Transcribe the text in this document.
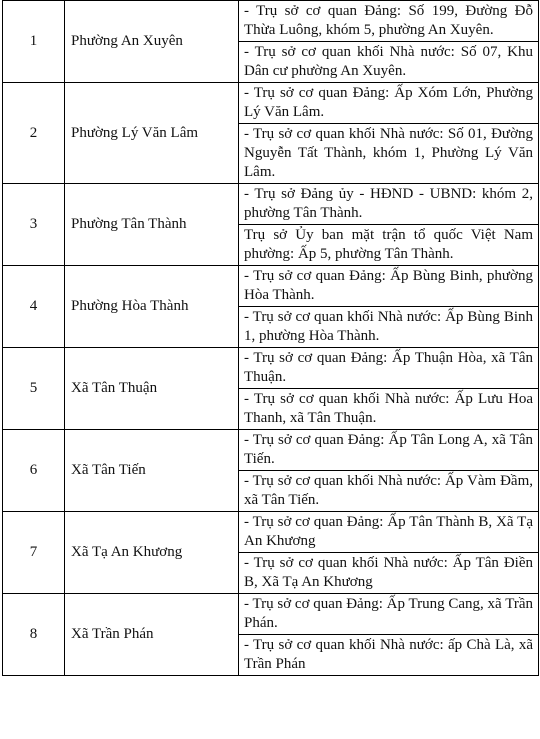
1	Phường An Xuyên	- Trụ sở cơ quan Đảng: Số 199, Đường Đỗ Thừa Luông, khóm 5, phường An Xuyên.
		- Trụ sở cơ quan khối Nhà nước: Số 07, Khu Dân cư phường An Xuyên.
2	Phường Lý Văn Lâm	- Trụ sở cơ quan Đảng: Ấp Xóm Lớn, Phường Lý Văn Lâm.
		- Trụ sở cơ quan khối Nhà nước: Số 01, Đường Nguyễn Tất Thành, khóm 1, Phường Lý Văn Lâm.
3	Phường Tân Thành	- Trụ sở Đảng ủy - HĐND - UBND: khóm 2, phường Tân Thành.
		Trụ sở Ủy ban mặt trận tổ quốc Việt Nam phường: Ấp 5, phường Tân Thành.
4	Phường Hòa Thành	- Trụ sở cơ quan Đảng: Ấp Bùng Binh, phường Hòa Thành.
		- Trụ sở cơ quan khối Nhà nước: Ấp Bùng Binh 1, phường Hòa Thành.
5	Xã Tân Thuận	- Trụ sở cơ quan Đảng: Ấp Thuận Hòa, xã Tân Thuận.
		- Trụ sở cơ quan khối Nhà nước: Ấp Lưu Hoa Thanh, xã Tân Thuận.
6	Xã Tân Tiến	- Trụ sở cơ quan Đảng: Ấp Tân Long A, xã Tân Tiến.
		- Trụ sở cơ quan khối Nhà nước: Ấp Vàm Đầm, xã Tân Tiến.
7	Xã Tạ An Khương	- Trụ sở cơ quan Đảng: Ấp Tân Thành B, Xã Tạ An Khương
		- Trụ sở cơ quan khối Nhà nước: Ấp Tân Điền B, Xã Tạ An Khương
8	Xã Trần Phán	- Trụ sở cơ quan Đảng: Ấp Trung Cang, xã Trần Phán.
		- Trụ sở cơ quan khối Nhà nước: ấp Chà Là, xã Trần Phán
